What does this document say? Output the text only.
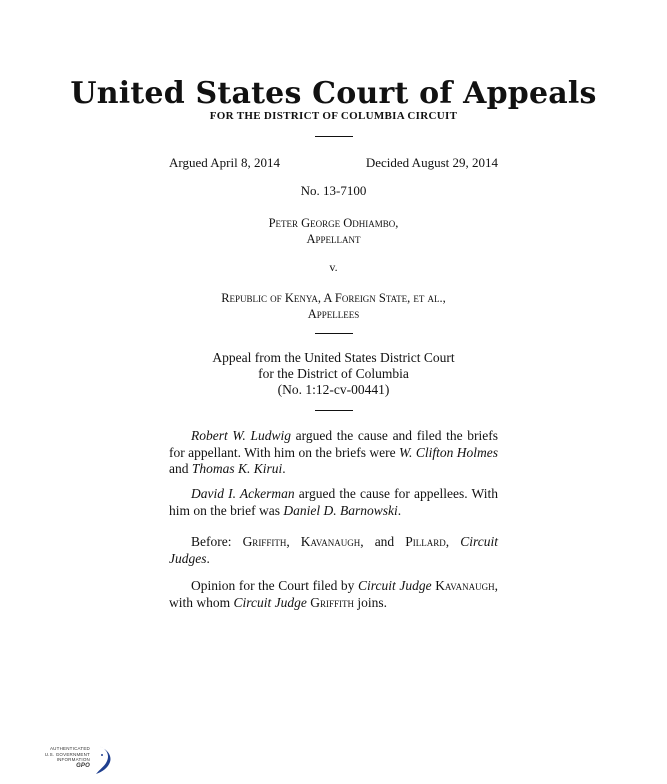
United States Court of Appeals
FOR THE DISTRICT OF COLUMBIA CIRCUIT
Argued April 8, 2014	Decided August 29, 2014
No. 13-7100
Peter George Odhiambo,
Appellant
v.
Republic of Kenya, A Foreign State, et al.,
Appellees
Appeal from the United States District Court
for the District of Columbia
(No. 1:12-cv-00441)
Robert W. Ludwig argued the cause and filed the briefs for appellant. With him on the briefs were W. Clifton Holmes and Thomas K. Kirui.
David I. Ackerman argued the cause for appellees. With him on the brief was Daniel D. Barnowski.
Before: Griffith, Kavanaugh, and Pillard, Circuit Judges.
Opinion for the Court filed by Circuit Judge Kavanaugh, with whom Circuit Judge Griffith joins.
AUTHENTICATED
U.S. GOVERNMENT
INFORMATION
GPO
